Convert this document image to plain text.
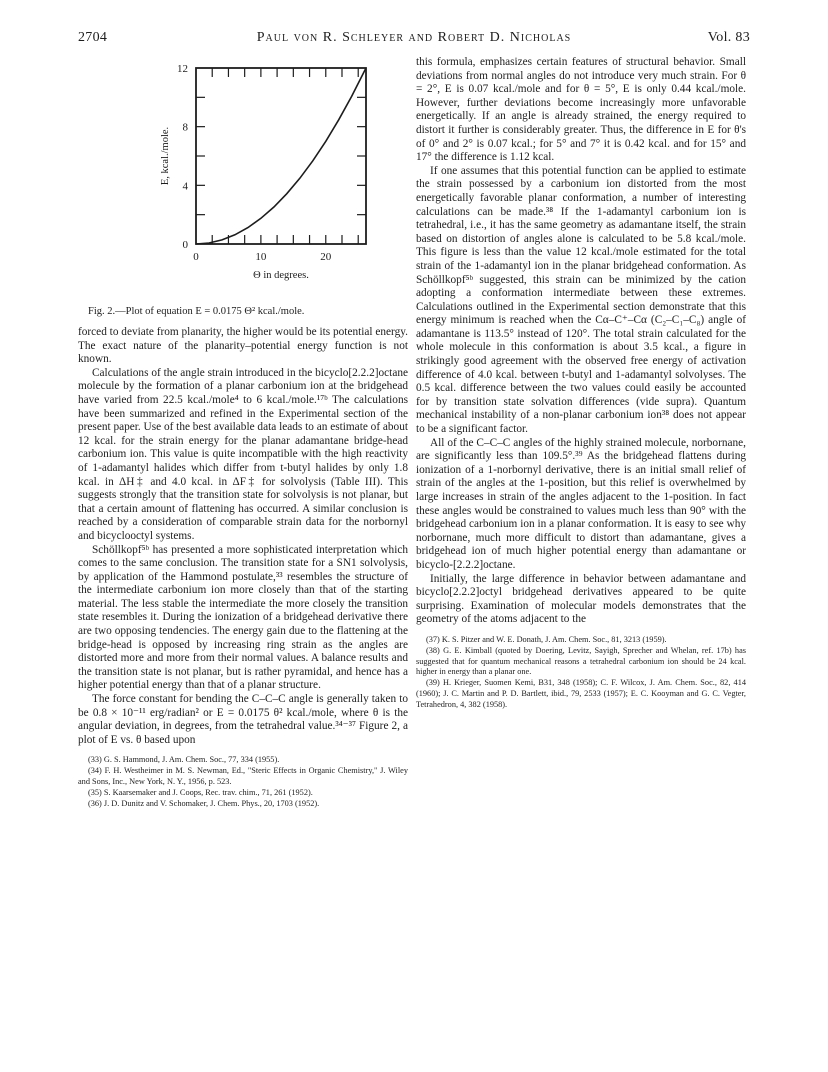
2704	Paul von R. Schleyer and Robert D. Nicholas	Vol. 83
0	10	20
0
4
8
12
Θ in degrees.
E, kcal./mole.
Fig. 2.—Plot of equation E = 0.0175 Θ² kcal./mole.

forced to deviate from planarity, the higher would be its potential energy. The exact nature of the planarity–potential energy function is not known.

Calculations of the angle strain introduced in the bicyclo[2.2.2]octane molecule by the formation of a planar carbonium ion at the bridgehead have varied from 22.5 kcal./mole⁴ to 6 kcal./mole.¹⁷ᵇ The calculations have been summarized and refined in the Experimental section of the present paper. Use of the best available data leads to an estimate of about 12 kcal. for the strain energy for the planar adamantane bridge-head carbonium ion. This value is quite incompatible with the high reactivity of 1-adamantyl halides which differ from t-butyl halides by only 1.8 kcal. in ΔH‡ and 4.0 kcal. in ΔF‡ for solvolysis (Table III). This suggests strongly that the transition state for solvolysis is not planar, but that a certain amount of flattening has occurred. A similar conclusion is reached by a consideration of comparable strain data for the norbornyl and bicyclooctyl systems.

Schöllkopf⁵ᵇ has presented a more sophisticated interpretation which comes to the same conclusion. The transition state for a SN1 solvolysis, by application of the Hammond postulate,³³ resembles the structure of the intermediate carbonium ion more closely than that of the starting material. The less stable the intermediate the more closely the transition state resembles it. During the ionization of a bridgehead derivative there are two opposing tendencies. The energy gain due to the flattening at the bridge-head is opposed by increasing ring strain as the angles are distorted more and more from their normal values. A balance results and the transition state is not planar, but is rather pyramidal, and hence has a higher potential energy than that of a planar structure.

The force constant for bending the C–C–C angle is generally taken to be 0.8 × 10⁻¹¹ erg/radian² or E = 0.0175 θ² kcal./mole, where θ is the angular deviation, in degrees, from the tetrahedral value.³⁴⁻³⁷ Figure 2, a plot of E vs. θ based upon

(33) G. S. Hammond, J. Am. Chem. Soc., 77, 334 (1955).
(34) F. H. Westheimer in M. S. Newman, Ed., "Steric Effects in Organic Chemistry," J. Wiley and Sons, Inc., New York, N. Y., 1956, p. 523.
(35) S. Kaarsemaker and J. Coops, Rec. trav. chim., 71, 261 (1952).
(36) J. D. Dunitz and V. Schomaker, J. Chem. Phys., 20, 1703 (1952).

this formula, emphasizes certain features of structural behavior. Small deviations from normal angles do not introduce very much strain. For θ = 2°, E is 0.07 kcal./mole and for θ = 5°, E is only 0.44 kcal./mole. However, further deviations become increasingly more unfavorable energetically. If an angle is already strained, the energy required to distort it further is considerably greater. Thus, the difference in E for θ's of 0° and 2° is 0.07 kcal.; for 5° and 7° it is 0.42 kcal. and for 15° and 17° the difference is 1.12 kcal.

If one assumes that this potential function can be applied to estimate the strain possessed by a carbonium ion distorted from the most energetically favorable planar conformation, a number of interesting calculations can be made.³⁸ If the 1-adamantyl carbonium ion is tetrahedral, i.e., it has the same geometry as adamantane itself, the strain based on distortion of angles alone is calculated to be 5.8 kcal./mole. This figure is less than the value 12 kcal./mole estimated for the total strain of the 1-adamantyl ion in the planar bridgehead conformation. As Schöllkopf⁵ᵇ suggested, this strain can be minimized by the cation adopting a conformation intermediate between these extremes. Calculations outlined in the Experimental section demonstrate that this energy minimum is reached when the Cα–C⁺–Cα (C₂–C₁–C₈) angle of adamantane is 113.5° instead of 120°. The total strain calculated for the whole molecule in this conformation is about 3.5 kcal., a figure in strikingly good agreement with the observed free energy of activation difference of 4.0 kcal. between t-butyl and 1-adamantyl solvolyses. The 0.5 kcal. difference between the two values could easily be accounted for by transition state solvation differences (vide supra). Quantum mechanical instability of a non-planar carbonium ion³⁸ does not appear to be a significant factor.

All of the C–C–C angles of the highly strained molecule, norbornane, are significantly less than 109.5°.³⁹ As the bridgehead flattens during ionization of a 1-norbornyl derivative, there is an initial small relief of strain of the angles at the 1-position, but this relief is overwhelmed by large increases in strain of the angles adjacent to the 1-position. In fact these angles would be constrained to values much less than 90° with the bridgehead carbonium ion in a planar conformation. It is easy to see why norbornane, much more difficult to distort than adamantane, gives a bridgehead ion of much higher potential energy than adamantane or bicyclo-[2.2.2]octane.

Initially, the large difference in behavior between adamantane and bicyclo[2.2.2]octyl bridgehead derivatives appeared to be quite surprising. Examination of molecular models demonstrates that the geometry of the atoms adjacent to the

(37) K. S. Pitzer and W. E. Donath, J. Am. Chem. Soc., 81, 3213 (1959).
(38) G. E. Kimball (quoted by Doering, Levitz, Sayigh, Sprecher and Whelan, ref. 17b) has suggested that for quantum mechanical reasons a tetrahedral carbonium ion should be 24 kcal. higher in energy than a planar one.
(39) H. Krieger, Suomen Kemi, B31, 348 (1958); C. F. Wilcox, J. Am. Chem. Soc., 82, 414 (1960); J. C. Martin and P. D. Bartlett, ibid., 79, 2533 (1957); E. C. Kooyman and G. C. Vegter, Tetrahedron, 4, 382 (1958).
